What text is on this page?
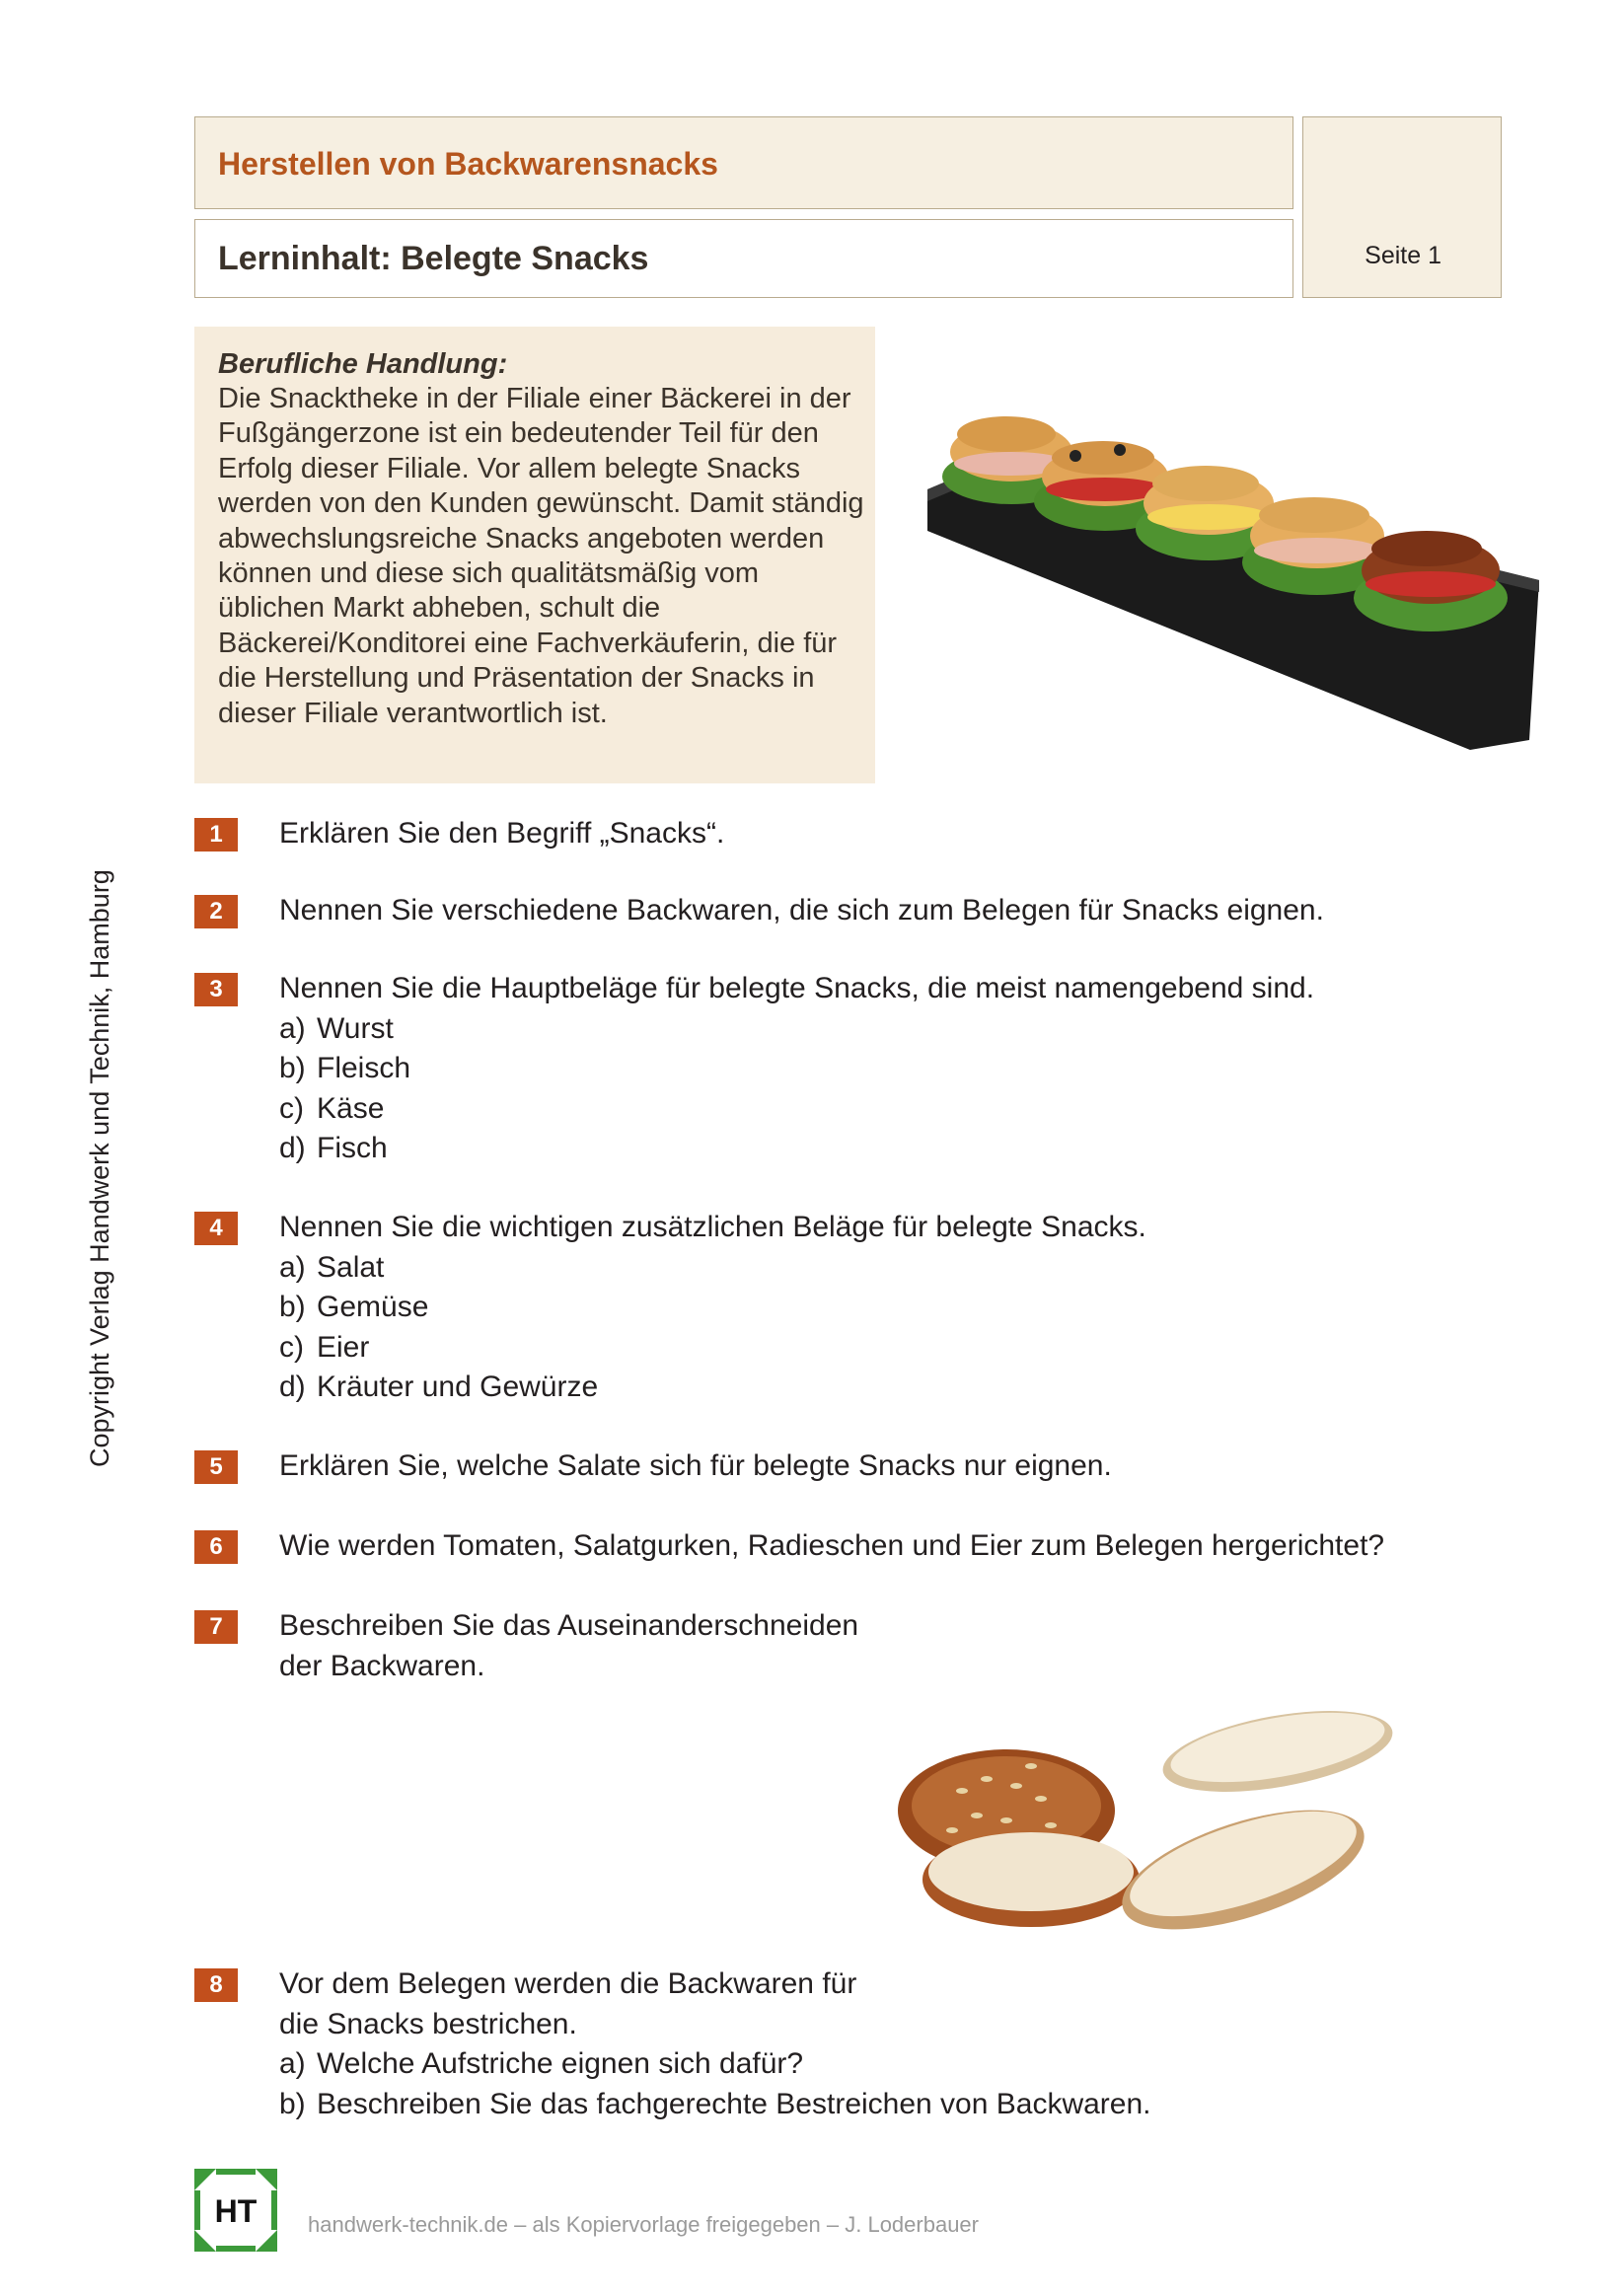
Herstellen von Backwarensnacks
Lerninhalt: Belegte Snacks	Seite 1
Berufliche Handlung:
Die Snacktheke in der Filiale einer Bäckerei in der Fußgängerzone ist ein bedeutender Teil für den Erfolg dieser Filiale. Vor allem belegte Snacks werden von den Kunden gewünscht. Damit ständig abwechslungsreiche Snacks angeboten werden können und diese sich qualitätsmäßig vom üblichen Markt abheben, schult die Bäckerei/Konditorei eine Fachverkäuferin, die für die Herstellung und Präsentation der Snacks in dieser Filiale verantwortlich ist.
1	Erklären Sie den Begriff „Snacks“.
2	Nennen Sie verschiedene Backwaren, die sich zum Belegen für Snacks eignen.
3	Nennen Sie die Hauptbeläge für belegte Snacks, die meist namengebend sind.
a) Wurst
b) Fleisch
c) Käse
d) Fisch
4	Nennen Sie die wichtigen zusätzlichen Beläge für belegte Snacks.
a) Salat
b) Gemüse
c) Eier
d) Kräuter und Gewürze
5	Erklären Sie, welche Salate sich für belegte Snacks nur eignen.
6	Wie werden Tomaten, Salatgurken, Radieschen und Eier zum Belegen hergerichtet?
7	Beschreiben Sie das Auseinanderschneiden
der Backwaren.
8	Vor dem Belegen werden die Backwaren für
die Snacks bestrichen.
a) Welche Aufstriche eignen sich dafür?
b) Beschreiben Sie das fachgerechte Bestreichen von Backwaren.
Copyright Verlag Handwerk und Technik, Hamburg
HT handwerk-technik.de – als Kopiervorlage freigegeben – J. Loderbauer
